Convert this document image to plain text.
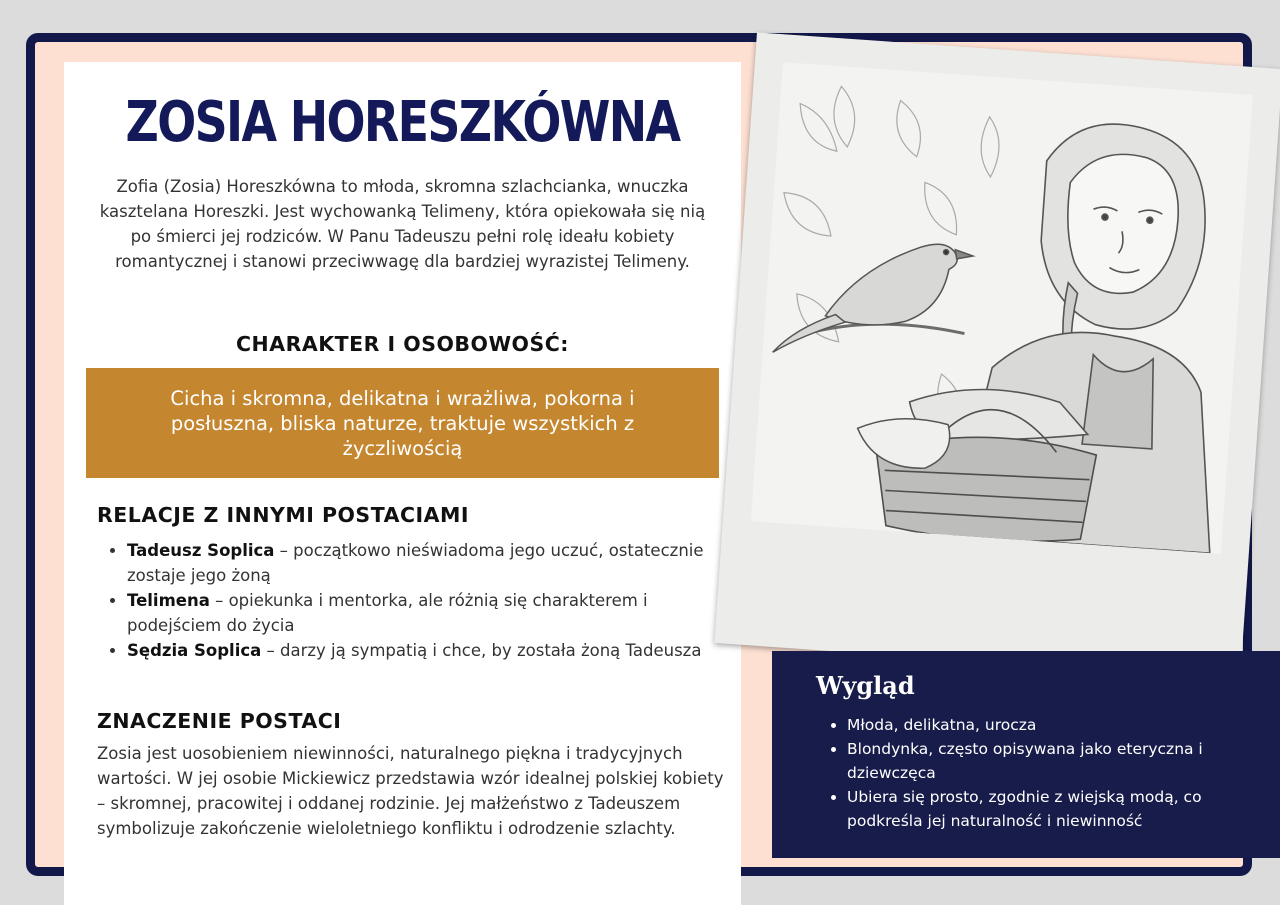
ZOSIA HORESZKÓWNA

Zofia (Zosia) Horeszkówna to młoda, skromna szlachcianka, wnuczka kasztelana Horeszki. Jest wychowanką Telimeny, która opiekowała się nią po śmierci jej rodziców. W Panu Tadeuszu pełni rolę ideału kobiety romantycznej i stanowi przeciwwagę dla bardziej wyrazistej Telimeny.

CHARAKTER I OSOBOWOŚĆ:
Cicha i skromna, delikatna i wrażliwa, pokorna i posłuszna, bliska naturze, traktuje wszystkich z życzliwością
RELACJE Z INNYMI POSTACIAMI
• Tadeusz Soplica – początkowo nieświadoma jego uczuć, ostatecznie zostaje jego żoną
• Telimena – opiekunka i mentorka, ale różnią się charakterem i podejściem do życia
• Sędzia Soplica – darzy ją sympatią i chce, by została żoną Tadeusza
ZNACZENIE POSTACI

Zosia jest uosobieniem niewinności, naturalnego piękna i tradycyjnych wartości. W jej osobie Mickiewicz przedstawia wzór idealnej polskiej kobiety – skromnej, pracowitej i oddanej rodzinie. Jej małżeństwo z Tadeuszem symbolizuje zakończenie wieloletniego konfliktu i odrodzenie szlachty.

Wygląd
• Młoda, delikatna, urocza
• Blondynka, często opisywana jako eteryczna i dziewczęca
• Ubiera się prosto, zgodnie z wiejską modą, co podkreśla jej naturalność i niewinność
